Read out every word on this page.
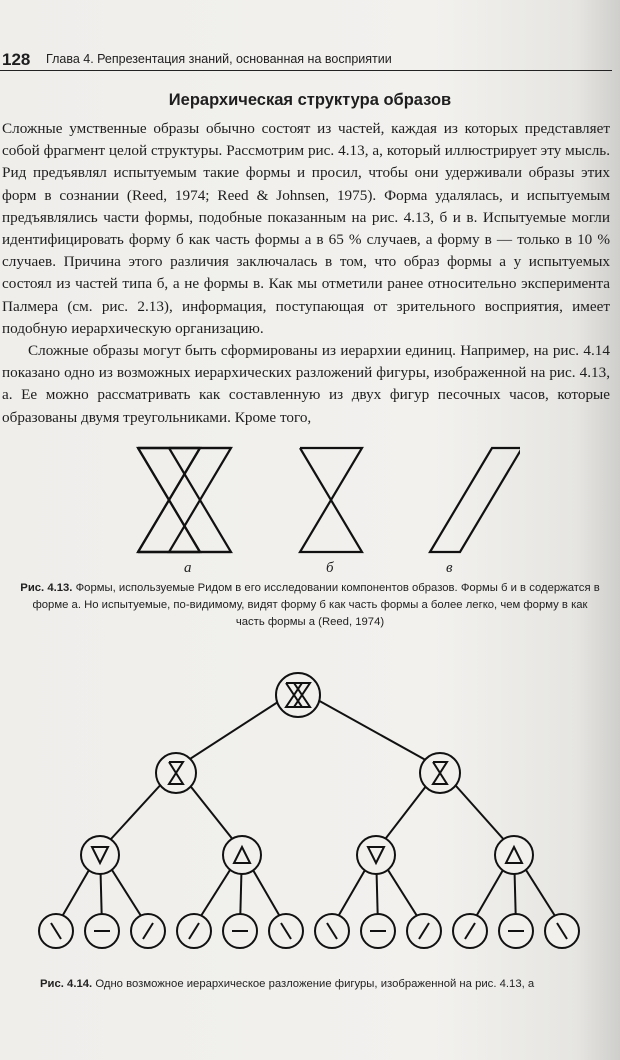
128 Глава 4. Репрезентация знаний, основанная на восприятии
Иерархическая структура образов

Сложные умственные образы обычно состоят из частей, каждая из которых представляет собой фрагмент целой структуры. Рассмотрим рис. 4.13, а, который иллюстрирует эту мысль. Рид предъявлял испытуемым такие формы и просил, чтобы они удерживали образы этих форм в сознании (Reed, 1974; Reed & Johnsen, 1975). Форма удалялась, и испытуемым предъявлялись части формы, подобные показанным на рис. 4.13, б и в. Испытуемые могли идентифицировать форму б как часть формы а в 65 % случаев, а форму в — только в 10 % случаев. Причина этого различия заключалась в том, что образ формы а у испытуемых состоял из частей типа б, а не формы в. Как мы отметили ранее относительно эксперимента Палмера (см. рис. 2.13), информация, поступающая от зрительного восприятия, имеет подобную иерархическую организацию.

Сложные образы могут быть сформированы из иерархии единиц. Например, на рис. 4.14 показано одно из возможных иерархических разложений фигуры, изображенной на рис. 4.13, а. Ее можно рассматривать как составленную из двух фигур песочных часов, которые образованы двумя треугольниками. Кроме того,

а	б	в
Рис. 4.13. Формы, используемые Ридом в его исследовании компонентов образов. Формы б и в содержатся в форме а. Но испытуемые, по-видимому, видят форму б как часть формы а более легко, чем форму в как часть формы а (Reed, 1974)
Рис. 4.14. Одно возможное иерархическое разложение фигуры, изображенной на рис. 4.13, а
